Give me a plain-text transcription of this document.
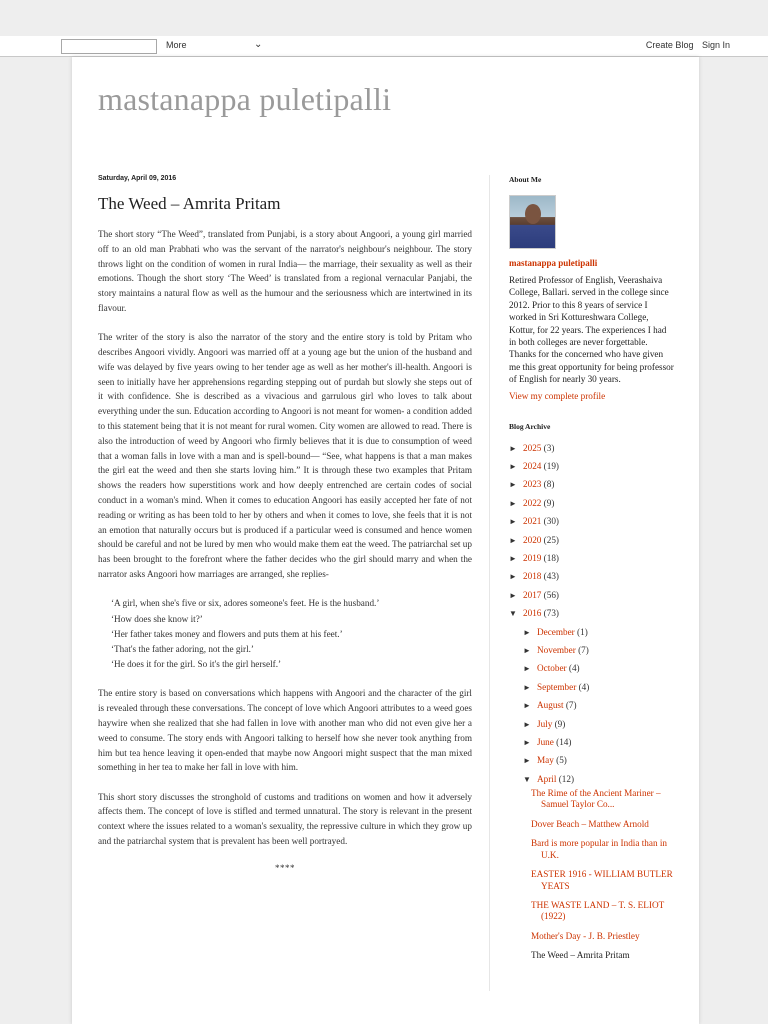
More	⌄	Create Blog Sign In
mastanappa puletipalli
Saturday, April 09, 2016
The Weed – Amrita Pritam

The short story “The Weed”, translated from Punjabi, is a story about Angoori, a young girl married off to an old man Prabhati who was the servant of the narrator's neighbour's neighbour. The story throws light on the condition of women in rural India— the marriage, their sexuality as well as their emotions. Though the short story ‘The Weed’ is translated from a regional vernacular Panjabi, the story maintains a natural flow as well as the humour and the seriousness which are intertwined in its flavour.

The writer of the story is also the narrator of the story and the entire story is told by Pritam who describes Angoori vividly. Angoori was married off at a young age but the union of the husband and wife was delayed by five years owing to her tender age as well as her mother's ill-health. Angoori is seen to initially have her apprehensions regarding stepping out of purdah but slowly she steps out of it with confidence. She is described as a vivacious and garrulous girl who loves to talk about everything under the sun. Education according to Angoori is not meant for women- a condition added to this statement being that it is not meant for rural women. City women are allowed to read. There is also the introduction of weed by Angoori who firmly believes that it is due to consumption of weed that a woman falls in love with a man and is spell-bound— “See, what happens is that a man makes the girl eat the weed and then she starts loving him.” It is through these two examples that Pritam shows the readers how superstitions work and how deeply entrenched are certain codes of social conduct in a woman's mind. When it comes to education Angoori has easily accepted her fate of not reading or writing as has been told to her by others and when it comes to love, she feels that it is not an emotion that naturally occurs but is produced if a particular weed is consumed and hence women should be careful and not be lured by men who would make them eat the weed. The patriarchal set up has been brought to the forefront where the father decides who the girl should marry and when the narrator asks Angoori how marriages are arranged, she replies-

‘A girl, when she's five or six, adores someone's feet. He is the husband.’
‘How does she know it?’
‘Her father takes money and flowers and puts them at his feet.’
‘That's the father adoring, not the girl.’
‘He does it for the girl. So it's the girl herself.’

The entire story is based on conversations which happens with Angoori and the character of the girl is revealed through these conversations. The concept of love which Angoori attributes to a weed goes haywire when she realized that she had fallen in love with another man who did not even give her a weed to consume. The story ends with Angoori talking to herself how she never took anything from him but tea hence leaving it open-ended that maybe now Angoori might suspect that the man mixed something in her tea to make her fall in love with him.

This short story discusses the stronghold of customs and traditions on women and how it adversely affects them. The concept of love is stifled and termed unnatural. The story is relevant in the present context where the issues related to a woman's sexuality, the repressive culture in which they grow up and the patriarchal system that is prevalent has been well portrayed.

****
About Me
mastanappa puletipalli
Retired Professor of English, Veerashaiva College, Ballari. served in the college since 2012. Prior to this 8 years of service I worked in Sri Kottureshwara College, Kottur, for 22 years. The experiences I had in both colleges are never forgettable. Thanks for the concerned who have given me this great opportunity for being professor of English for nearly 30 years.
View my complete profile
Blog Archive
► 2025 (3)
► 2024 (19)
► 2023 (8)
► 2022 (9)
► 2021 (30)
► 2020 (25)
► 2019 (18)
► 2018 (43)
► 2017 (56)
▼ 2016 (73)
► December (1)
► November (7)
► October (4)
► September (4)
► August (7)
► July (9)
► June (14)
► May (5)
▼ April (12)
The Rime of the Ancient Mariner – Samuel Taylor Co...
Dover Beach – Matthew Arnold
Bard is more popular in India than in U.K.
EASTER 1916 - WILLIAM BUTLER YEATS
THE WASTE LAND – T. S. ELIOT (1922)
Mother's Day - J. B. Priestley
The Weed – Amrita Pritam
